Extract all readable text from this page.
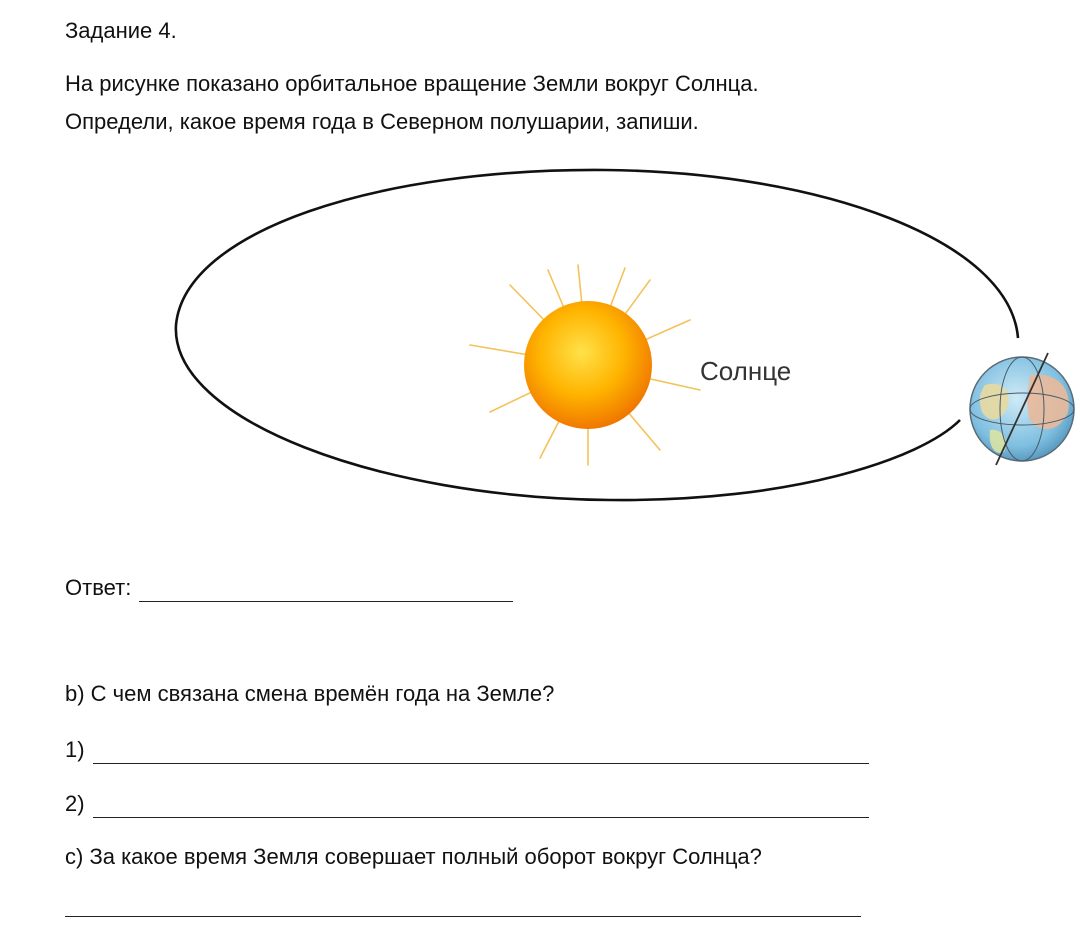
Задание 4.
На рисунке показано орбитальное вращение Земли вокруг Солнца.
Определи, какое время года в Северном полушарии, запиши.
Солнце
Ответ:
b) С чем связана смена времён года на Земле?
1)
2)
c) За какое время Земля совершает полный оборот вокруг Солнца?
